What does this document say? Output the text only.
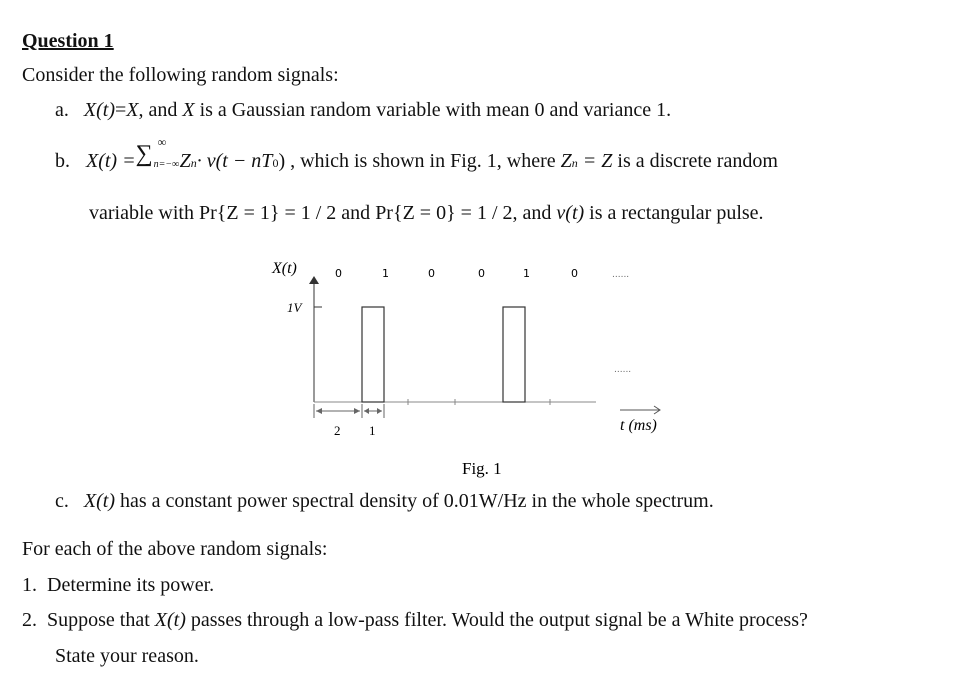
Question 1
Consider the following random signals:
a. X(t)=X, and X is a Gaussian random variable with mean 0 and variance 1.
b. X(t) = ∑ ∞
n=−∞ Z n · v(t − nT 0 ) , which is shown in Fig. 1, where Z n = Z is a discrete random
variable with Pr{Z = 1} = 1 / 2 and Pr{Z = 0} = 1 / 2, and v(t) is a rectangular pulse.
1V
X(t)	0	1	0	0	1	0	......
......
2 1	t (ms)
Fig. 1
c. X(t) has a constant power spectral density of 0.01W/Hz in the whole spectrum.
For each of the above random signals:
1. Determine its power.
2. Suppose that X(t) passes through a low-pass filter. Would the output signal be a White process?
State your reason.
